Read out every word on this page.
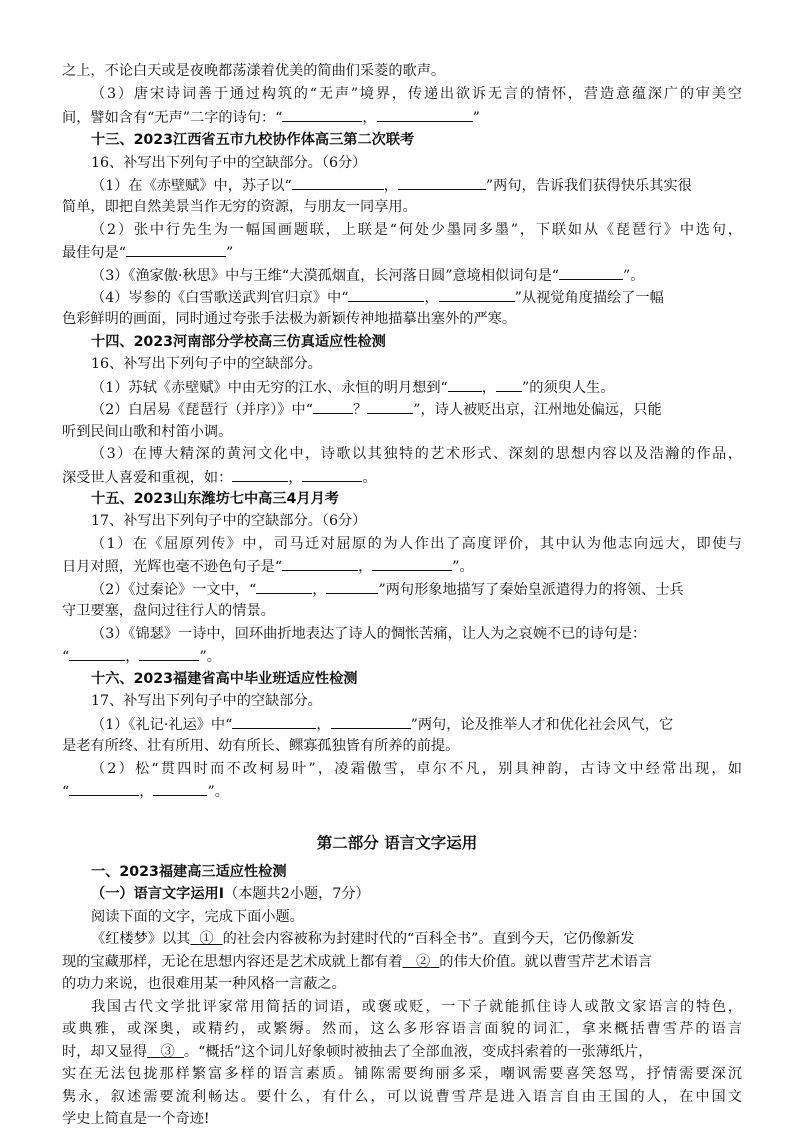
之上，不论白天或是夜晚都荡漾着优美的简曲们采菱的歌声。
（3）唐宋诗词善于通过构筑的“无声”境界，传递出欲诉无言的情怀，营造意蕴深广的审美空
间，譬如含有“无声”二字的诗句：“	，	”
十三、2023江西省五市九校协作体高三第二次联考
16、补写出下列句子中的空缺部分。（6分）
（1）在《赤壁赋》中，苏子以“	，	”两句，告诉我们获得快乐其实很
简单，即把自然美景当作无穷的资源，与朋友一同享用。
（2）张中行先生为一幅国画题联，上联是“何处少墨同多墨”，下联如从《琵琶行》中选句，
最佳句是“	”
（3）《渔家傲·秋思》中与王维“大漠孤烟直，长河落日圆”意境相似词句是“	”。
（4）岑参的《白雪歌送武判官归京》中“	，	”从视觉角度描绘了一幅
色彩鲜明的画面，同时通过夸张手法极为新颖传神地描摹出塞外的严寒。
十四、2023河南部分学校高三仿真适应性检测
16、补写出下列句子中的空缺部分。
（1）苏轼《赤壁赋》中由无穷的江水、永恒的明月想到“ ， ”的须臾人生。
（2）白居易《琵琶行（并序）》中“	？	”，诗人被贬出京，江州地处偏远，只能
听到民间山歌和村笛小调。
（3）在博大精深的黄河文化中，诗歌以其独特的艺术形式、深刻的思想内容以及浩瀚的作品，
深受世人喜爱和重视，如：	，	。
十五、2023山东潍坊七中高三4月月考
17、补写出下列句子中的空缺部分。（6分）
（1）在《屈原列传》中，司马迁对屈原的为人作出了高度评价，其中认为他志向远大，即使与
日月对照，光辉也毫不逊色句子是“	，	”。
（2）《过秦论》一文中，“	，	”两句形象地描写了秦始皇派遣得力的将领、士兵
守卫要塞，盘问过往行人的情景。
（3）《锦瑟》一诗中，回环曲折地表达了诗人的惆怅苦痛，让人为之哀婉不已的诗句是：
“	，	”。
十六、2023福建省高中毕业班适应性检测
17、补写出下列句子中的空缺部分。
（1）《礼记·礼运》中“	，	”两句，论及推举人才和优化社会风气，它
是老有所终、壮有所用、幼有所长、鳏寡孤独皆有所养的前提。
（2）松“贯四时而不改柯易叶”，凌霜傲雪，卓尔不凡，别具神韵，古诗文中经常出现，如
“	，	”。
第二部分 语言文字运用
一、2023福建高三适应性检测
（一）语言文字运用Ⅰ（本题共2小题，7分）
阅读下面的文字，完成下面小题。
《红楼梦》以其 ① 的社会内容被称为封建时代的“百科全书”。直到今天，它仍像新发
现的宝藏那样，无论在思想内容还是艺术成就上都有着 ② 的伟大价值。就以曹雪芹艺术语言
的功力来说，也很难用某一种风格一言蔽之。
我国古代文学批评家常用简括的词语，或褒或贬，一下子就能抓住诗人或散文家语言的特色，
或典雅，或深奥，或精约，或繁缛。然而，这么多形容语言面貌的词汇，拿来概括曹雪芹的语言
时，却又显得 ③ 。“概括”这个词儿好象顿时被抽去了全部血液，变成抖索着的一张薄纸片，
实在无法包拢那样繁富多样的语言素质。铺陈需要绚丽多采，嘲讽需要喜笑怒骂，抒情需要深沉
隽永，叙述需要流利畅达。要什么，有什么，可以说曹雪芹是进入语言自由王国的人，在中国文
学史上简直是一个奇迹!
